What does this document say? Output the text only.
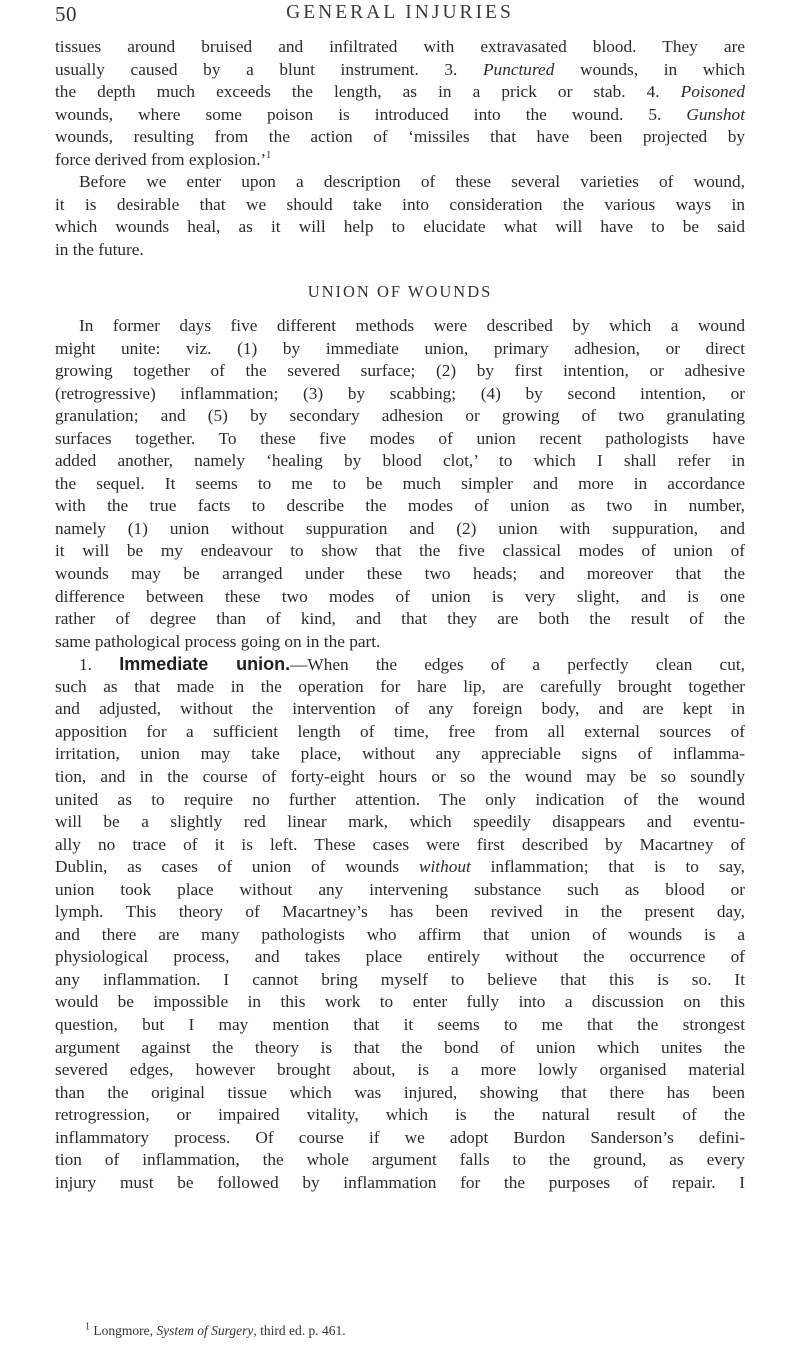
50	GENERAL INJURIES
tissues around bruised and infiltrated with extravasated blood. They are
usually caused by a blunt instrument. 3. Punctured wounds, in which
the depth much exceeds the length, as in a prick or stab. 4. Poisoned
wounds, where some poison is introduced into the wound. 5. Gunshot
wounds, resulting from the action of ‘missiles that have been projected by
force derived from explosion.’$^1$
Before we enter upon a description of these several varieties of wound,
it is desirable that we should take into consideration the various ways in
which wounds heal, as it will help to elucidate what will have to be said
in the future.
UNION OF WOUNDS
In former days five different methods were described by which a wound
might unite: viz. (1) by immediate union, primary adhesion, or direct
growing together of the severed surface; (2) by first intention, or adhesive
(retrogressive) inflammation; (3) by scabbing; (4) by second intention, or
granulation; and (5) by secondary adhesion or growing of two granulating
surfaces together. To these five modes of union recent pathologists have
added another, namely ‘healing by blood clot,’ to which I shall refer in
the sequel. It seems to me to be much simpler and more in accordance
with the true facts to describe the modes of union as two in number,
namely (1) union without suppuration and (2) union with suppuration, and
it will be my endeavour to show that the five classical modes of union of
wounds may be arranged under these two heads; and moreover that the
difference between these two modes of union is very slight, and is one
rather of degree than of kind, and that they are both the result of the
same pathological process going on in the part.
1. Immediate union.—When the edges of a perfectly clean cut,
such as that made in the operation for hare lip, are carefully brought together
and adjusted, without the intervention of any foreign body, and are kept in
apposition for a sufficient length of time, free from all external sources of
irritation, union may take place, without any appreciable signs of inflamma-
tion, and in the course of forty-eight hours or so the wound may be so soundly
united as to require no further attention. The only indication of the wound
will be a slightly red linear mark, which speedily disappears and eventu-
ally no trace of it is left. These cases were first described by Macartney of
Dublin, as cases of union of wounds without inflammation; that is to say,
union took place without any intervening substance such as blood or
lymph. This theory of Macartney’s has been revived in the present day,
and there are many pathologists who affirm that union of wounds is a
physiological process, and takes place entirely without the occurrence of
any inflammation. I cannot bring myself to believe that this is so. It
would be impossible in this work to enter fully into a discussion on this
question, but I may mention that it seems to me that the strongest
argument against the theory is that the bond of union which unites the
severed edges, however brought about, is a more lowly organised material
than the original tissue which was injured, showing that there has been
retrogression, or impaired vitality, which is the natural result of the
inflammatory process. Of course if we adopt Burdon Sanderson’s defini-
tion of inflammation, the whole argument falls to the ground, as every
injury must be followed by inflammation for the purposes of repair. I
$^1$ Longmore, System of Surgery, third ed. p. 461.
